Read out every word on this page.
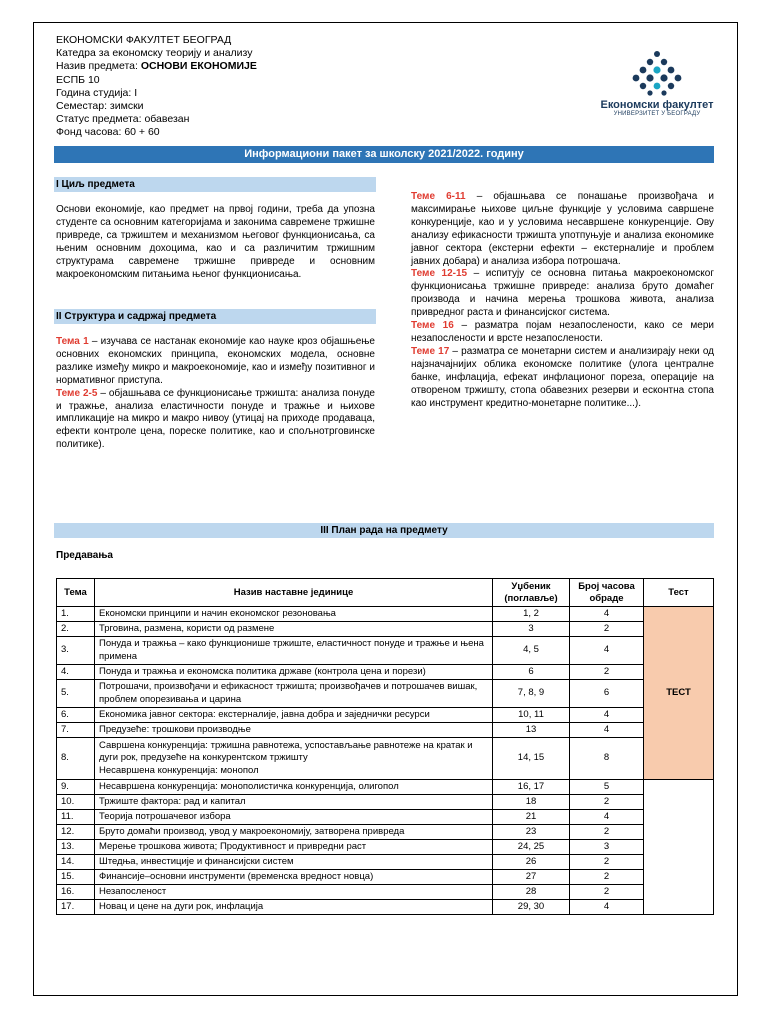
ЕКОНОМСКИ ФАКУЛТЕТ БЕОГРАД
Катедра за економску теорију и анализу
Назив предмета: ОСНОВИ ЕКОНОМИЈЕ
ЕСПБ 10
Година студија: I
Семестар: зимски
Статус предмета: обавезан
Фонд часова: 60 + 60
Економски факултет
УНИВЕРЗИТЕТ У БЕОГРАДУ
Информациони пакет за школску 2021/2022. годину
I Циљ предмета
Основи економије, као предмет на првој години, треба да упозна студенте са основним категоријама и законима савремене тржишне привреде, са тржиштем и механизмом његовог функционисања, са њеним основним дохоцима, као и са различитим тржишним структурама савремене тржишне привреде и основним макроекономским питањима њеног функционисања.
II Структура и садржај предмета
Тема 1 – изучава се настанак економије као науке кроз објашњење основних економских принципа, економских модела, основне разлике између микро и макроекономије, као и између позитивног и нормативног приступа.
Теме 2-5 – објашњава се функционисање тржишта: анализа понуде и тражње, анализа еластичности понуде и тражње и њихове импликације на микро и макро нивоу (утицај на приходе продаваца, ефекти контроле цена, пореске политике, као и спољнотрговинске политике).
Теме 6-11 – објашњава се понашање произвођача и максимирање њихове циљне функције у условима савршене конкуренције, као и у условима несавршене конкуренције. Ову анализу ефикасности тржишта употпуњује и анализа економике јавног сектора (екстерни ефекти – екстерналије и проблем јавних добара) и анализа избора потрошача.
Теме 12-15 – испитују се основна питања макроекономског функционисања тржишне привреде: анализа бруто домаћег производа и начина мерења трошкова живота, анализа привредног раста и финансијског система.
Теме 16 – разматра појам незапослености, како се мери незапослености и врсте незапослености.
Теме 17 – разматра се монетарни систем и анализирају неки од најзначајнијих облика економске политике (улога централне банке, инфлација, ефекат инфлационог пореза, операције на отвореном тржишту, стопа обавезних резерви и есконтна стопа као инструмент кредитно-монетарне политике...).
III План рада на предмету
Предавања
Тема	Назив наставне јединице	Уџбеник (поглавље)	Број часова обраде	Тест
1.	Економски принципи и начин економског резоновања	1, 2	4	ТЕСТ
2.	Трговина, размена, користи од размене	3	2	
3.	Понуда и тражња – како функционише тржиште, еластичност понуде и тражње и њена примена	4, 5	4	
4.	Понуда и тражња и економска политика државе (контрола цена и порези)	6	2	
5.	Потрошачи, произвођачи и ефикасност тржишта; произвођачев и потрошачев вишак, проблем опорезивања и царина	7, 8, 9	6	
6.	Економика јавног сектора: екстерналије, јавна добра и заједнички ресурси	10, 11	4	
7.	Предузеће: трошкови производње	13	4	
8.	Савршена конкуренција: тржишна равнотежа, успостављање равнотеже на кратак и дуги рок, предузеће на конкурентском тржишту
Несавршена конкуренција: монопол	14, 15	8	
9.	Несавршена конкуренција: монополистичка конкуренција, олигопол	16, 17	5	
10.	Тржиште фактора: рад и капитал	18	2	
11.	Теорија потрошачевог избора	21	4	
12.	Бруто домаћи производ, увод у макроекономију, затворена привреда	23	2	
13.	Мерење трошкова живота; Продуктивност и привредни раст	24, 25	3	
14.	Штедња, инвестиције и финансијски систем	26	2	
15.	Финансије–основни инструменти (временска вредност новца)	27	2	
16.	Незапосленост	28	2	
17.	Новац и цене на дуги рок, инфлација	29, 30	4	
